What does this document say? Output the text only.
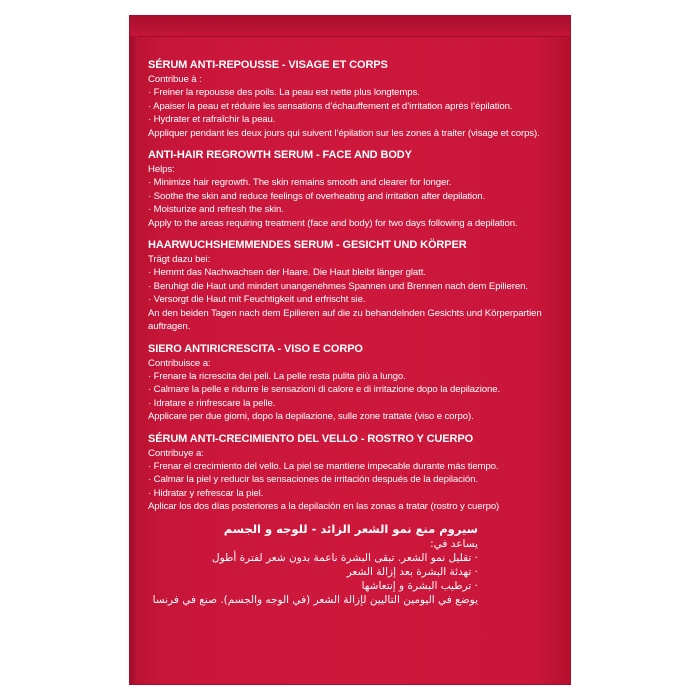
SÉRUM ANTI-REPOUSSE - VISAGE ET CORPS
Contribue à :
· Freiner la repousse des poils. La peau est nette plus longtemps.
· Apaiser la peau et réduire les sensations d’échauffement et d’irritation après l’épilation.
· Hydrater et rafraîchir la peau.
Appliquer pendant les deux jours qui suivent l’épilation sur les zones à traiter (visage et corps).
ANTI-HAIR REGROWTH SERUM - FACE AND BODY
Helps:
· Minimize hair regrowth. The skin remains smooth and clearer for longer.
· Soothe the skin and reduce feelings of overheating and irritation after depilation.
· Moisturize and refresh the skin.
Apply to the areas requiring treatment (face and body) for two days following a depilation.
HAARWUCHSHEMMENDES SERUM - GESICHT UND KÖRPER
Trägt dazu bei:
· Hemmt das Nachwachsen der Haare. Die Haut bleibt länger glatt.
· Beruhigt die Haut und mindert unangenehmes Spannen und Brennen nach dem Epilieren.
· Versorgt die Haut mit Feuchtigkeit und erfrischt sie.
An den beiden Tagen nach dem Epilieren auf die zu behandelnden Gesichts und Körperpartien auftragen.
SIERO ANTIRICRESCITA - VISO E CORPO
Contribuisce a:
· Frenare la ricrescita dei peli. La pelle resta pulita più a lungo.
· Calmare la pelle e ridurre le sensazioni di calore e di irritazione dopo la depilazione.
· Idratare e rinfrescare la pelle.
Applicare per due giorni, dopo la depilazione, sulle zone trattate (viso e corpo).
SÉRUM ANTI-CRECIMIENTO DEL VELLO - ROSTRO Y CUERPO
Contribuye a:
· Frenar el crecimiento del vello. La piel se mantiene impecable durante más tiempo.
· Calmar la piel y reducir las sensaciones de irritación después de la depilación.
· Hidratar y refrescar la piel.
Aplicar los dos días posteriores a la depilación en las zonas a tratar (rostro y cuerpo)
سيروم منع نمو الشعر الزائد - للوجه و الجسم
يساعد في:
· تقليل نمو الشعر. تبقى البشرة ناعمة بدون شعر لفترة أطول
· تهدئة البشرة بعد إزالة الشعر
· ترطيب البشرة و إنتعاشها
يوضع في اليومين التاليين لإزالة الشعر (في الوجه والجسم). صنع في فرنسا
